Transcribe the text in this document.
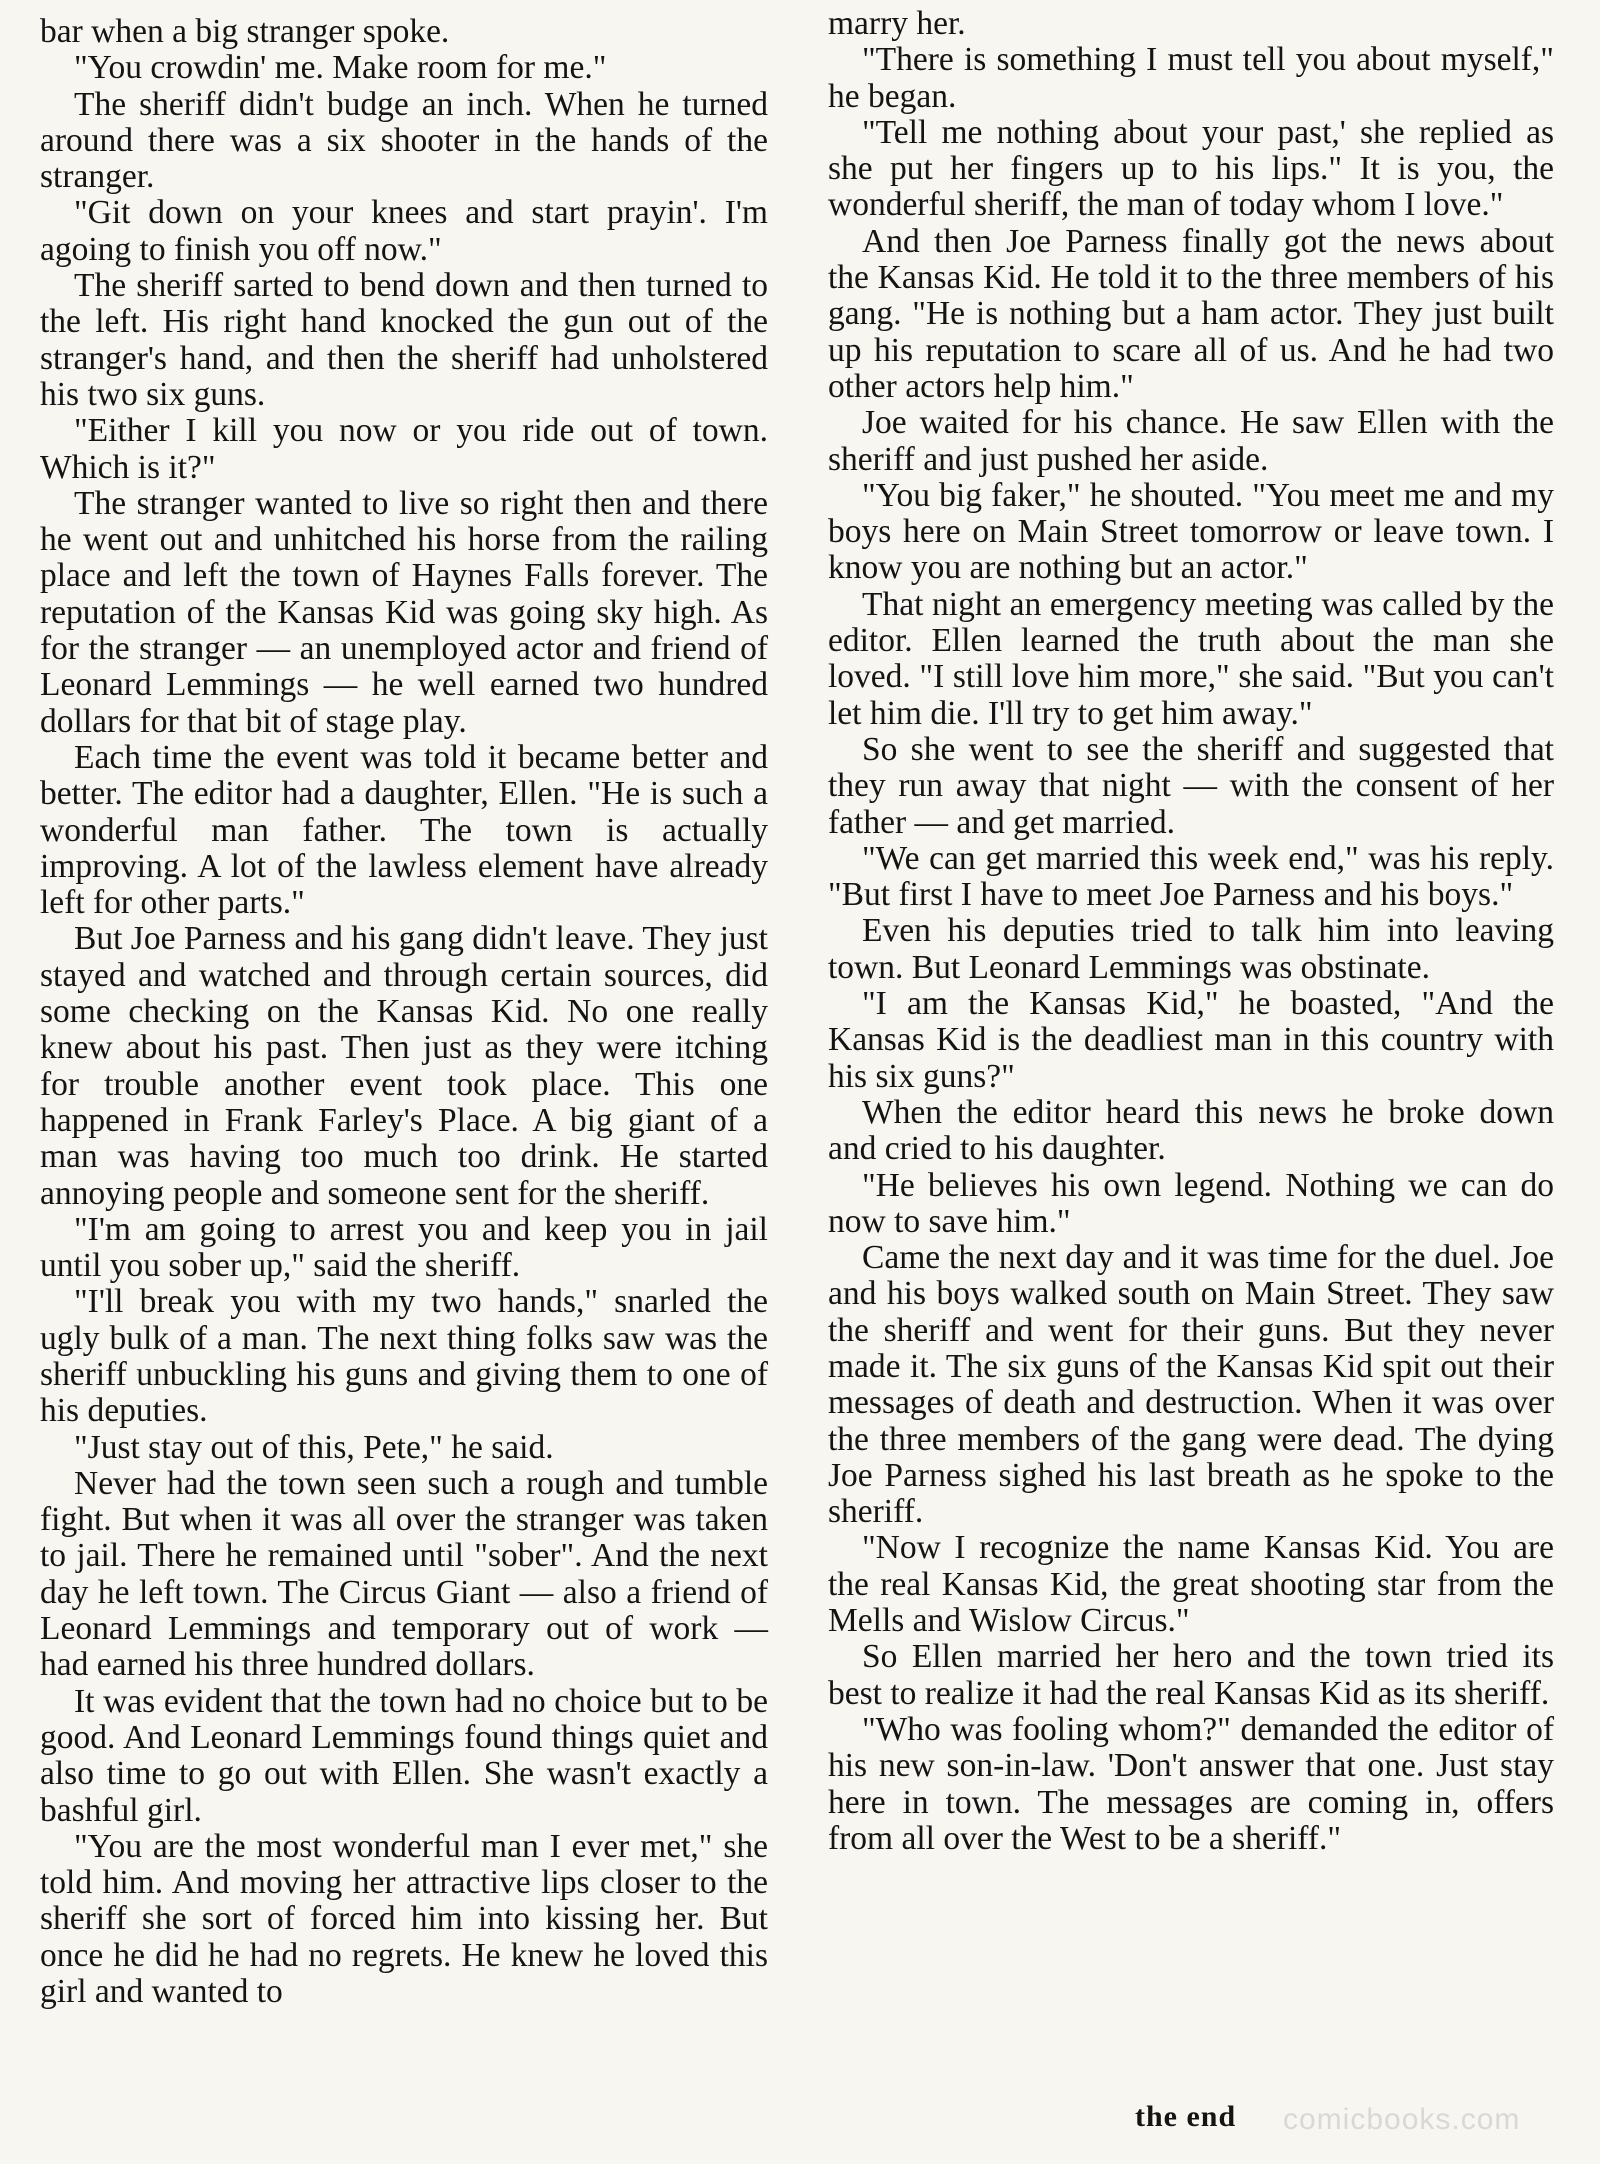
bar when a big stranger spoke.

"You crowdin' me. Make room for me."

The sheriff didn't budge an inch. When he turned around there was a six shooter in the hands of the stranger.

"Git down on your knees and start prayin'. I'm agoing to finish you off now."

The sheriff sarted to bend down and then turned to the left. His right hand knocked the gun out of the stranger's hand, and then the sheriff had unholstered his two six guns.

"Either I kill you now or you ride out of town. Which is it?"

The stranger wanted to live so right then and there he went out and unhitched his horse from the railing place and left the town of Haynes Falls forever. The reputation of the Kansas Kid was going sky high. As for the stranger — an unemployed actor and friend of Leonard Lemmings — he well earned two hundred dollars for that bit of stage play.

Each time the event was told it became better and better. The editor had a daughter, Ellen. "He is such a wonderful man father. The town is actually improving. A lot of the lawless element have already left for other parts."

But Joe Parness and his gang didn't leave. They just stayed and watched and through certain sources, did some checking on the Kansas Kid. No one really knew about his past. Then just as they were itching for trouble another event took place. This one happened in Frank Farley's Place. A big giant of a man was having too much too drink. He started annoying people and someone sent for the sheriff.

"I'm am going to arrest you and keep you in jail until you sober up," said the sheriff.

"I'll break you with my two hands," snarled the ugly bulk of a man. The next thing folks saw was the sheriff unbuckling his guns and giving them to one of his deputies.

"Just stay out of this, Pete," he said.

Never had the town seen such a rough and tumble fight. But when it was all over the stranger was taken to jail. There he remained until "sober". And the next day he left town. The Circus Giant — also a friend of Leonard Lemmings and temporary out of work — had earned his three hundred dollars.

It was evident that the town had no choice but to be good. And Leonard Lemmings found things quiet and also time to go out with Ellen. She wasn't exactly a bashful girl.

"You are the most wonderful man I ever met," she told him. And moving her attractive lips closer to the sheriff she sort of forced him into kissing her. But once he did he had no regrets. He knew he loved this girl and wanted to

marry her.

"There is something I must tell you about myself," he began.

"Tell me nothing about your past,' she replied as she put her fingers up to his lips." It is you, the wonderful sheriff, the man of today whom I love."

And then Joe Parness finally got the news about the Kansas Kid. He told it to the three members of his gang. "He is nothing but a ham actor. They just built up his reputation to scare all of us. And he had two other actors help him."

Joe waited for his chance. He saw Ellen with the sheriff and just pushed her aside.

"You big faker," he shouted. "You meet me and my boys here on Main Street tomorrow or leave town. I know you are nothing but an actor."

That night an emergency meeting was called by the editor. Ellen learned the truth about the man she loved. "I still love him more," she said. "But you can't let him die. I'll try to get him away."

So she went to see the sheriff and suggested that they run away that night — with the consent of her father — and get married.

"We can get married this week end," was his reply. "But first I have to meet Joe Parness and his boys."

Even his deputies tried to talk him into leaving town. But Leonard Lemmings was obstinate.

"I am the Kansas Kid," he boasted, "And the Kansas Kid is the deadliest man in this country with his six guns?"

When the editor heard this news he broke down and cried to his daughter.

"He believes his own legend. Nothing we can do now to save him."

Came the next day and it was time for the duel. Joe and his boys walked south on Main Street. They saw the sheriff and went for their guns. But they never made it. The six guns of the Kansas Kid spit out their messages of death and destruction. When it was over the three members of the gang were dead. The dying Joe Parness sighed his last breath as he spoke to the sheriff.

"Now I recognize the name Kansas Kid. You are the real Kansas Kid, the great shooting star from the Mells and Wislow Circus."

So Ellen married her hero and the town tried its best to realize it had the real Kansas Kid as its sheriff.

"Who was fooling whom?" demanded the editor of his new son-in-law. 'Don't answer that one. Just stay here in town. The messages are coming in, offers from all over the West to be a sheriff."

the end comicbooks.com
